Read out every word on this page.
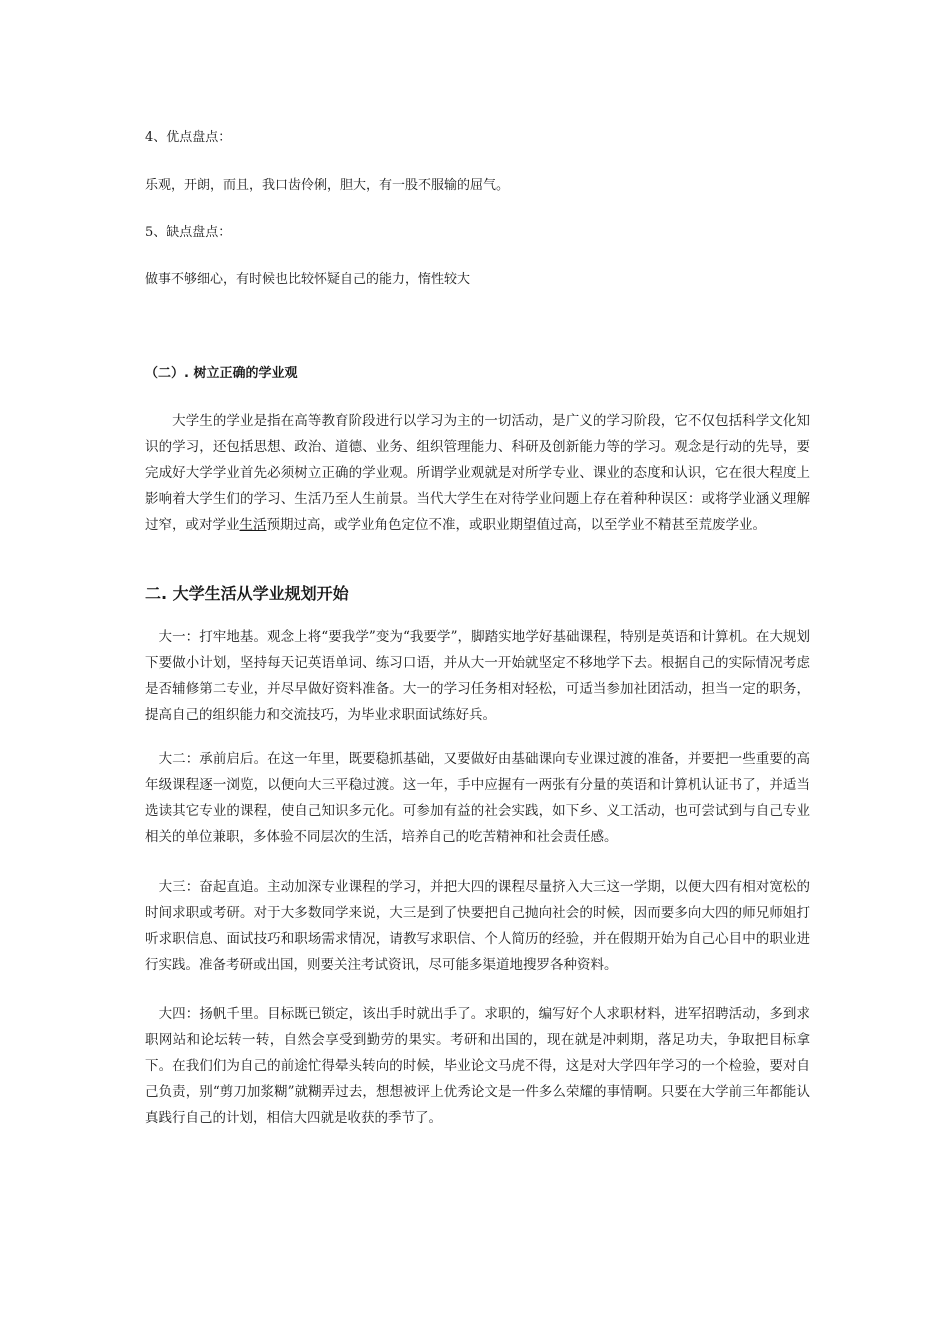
4、优点盘点：

乐观，开朗，而且，我口齿伶俐，胆大，有一股不服输的屈气。

5、缺点盘点：

做事不够细心，有时候也比较怀疑自己的能力，惰性较大

（二）. 树立正确的学业观

　　大学生的学业是指在高等教育阶段进行以学习为主的一切活动，是广义的学习阶段，它不仅包括科学文化知识的学习，还包括思想、政治、道德、业务、组织管理能力、科研及创新能力等的学习。观念是行动的先导，要完成好大学学业首先必须树立正确的学业观。所谓学业观就是对所学专业、课业的态度和认识，它在很大程度上影响着大学生们的学习、生活乃至人生前景。当代大学生在对待学业问题上存在着种种误区：或将学业涵义理解过窄，或对学业生活预期过高，或学业角色定位不准，或职业期望值过高，以至学业不精甚至荒废学业。

二. 大学生活从学业规划开始

　大一：打牢地基。观念上将“要我学”变为“我要学”，脚踏实地学好基础课程，特别是英语和计算机。在大规划下要做小计划，坚持每天记英语单词、练习口语，并从大一开始就坚定不移地学下去。根据自己的实际情况考虑是否辅修第二专业，并尽早做好资料准备。大一的学习任务相对轻松，可适当参加社团活动，担当一定的职务，提高自己的组织能力和交流技巧，为毕业求职面试练好兵。

　大二：承前启后。在这一年里，既要稳抓基础，又要做好由基础课向专业课过渡的准备，并要把一些重要的高年级课程逐一浏览，以便向大三平稳过渡。这一年，手中应握有一两张有分量的英语和计算机认证书了，并适当选读其它专业的课程，使自己知识多元化。可参加有益的社会实践，如下乡、义工活动，也可尝试到与自己专业相关的单位兼职，多体验不同层次的生活，培养自己的吃苦精神和社会责任感。

　大三：奋起直追。主动加深专业课程的学习，并把大四的课程尽量挤入大三这一学期，以便大四有相对宽松的时间求职或考研。对于大多数同学来说，大三是到了快要把自己抛向社会的时候，因而要多向大四的师兄师姐打听求职信息、面试技巧和职场需求情况，请教写求职信、个人简历的经验，并在假期开始为自己心目中的职业进行实践。准备考研或出国，则要关注考试资讯，尽可能多渠道地搜罗各种资料。

　大四：扬帆千里。目标既已锁定，该出手时就出手了。求职的，编写好个人求职材料，进军招聘活动，多到求职网站和论坛转一转，自然会享受到勤劳的果实。考研和出国的，现在就是冲刺期，落足功夫，争取把目标拿下。在我们们为自己的前途忙得晕头转向的时候，毕业论文马虎不得，这是对大学四年学习的一个检验，要对自己负责，别“剪刀加浆糊”就糊弄过去，想想被评上优秀论文是一件多么荣耀的事情啊。只要在大学前三年都能认真践行自己的计划，相信大四就是收获的季节了。
